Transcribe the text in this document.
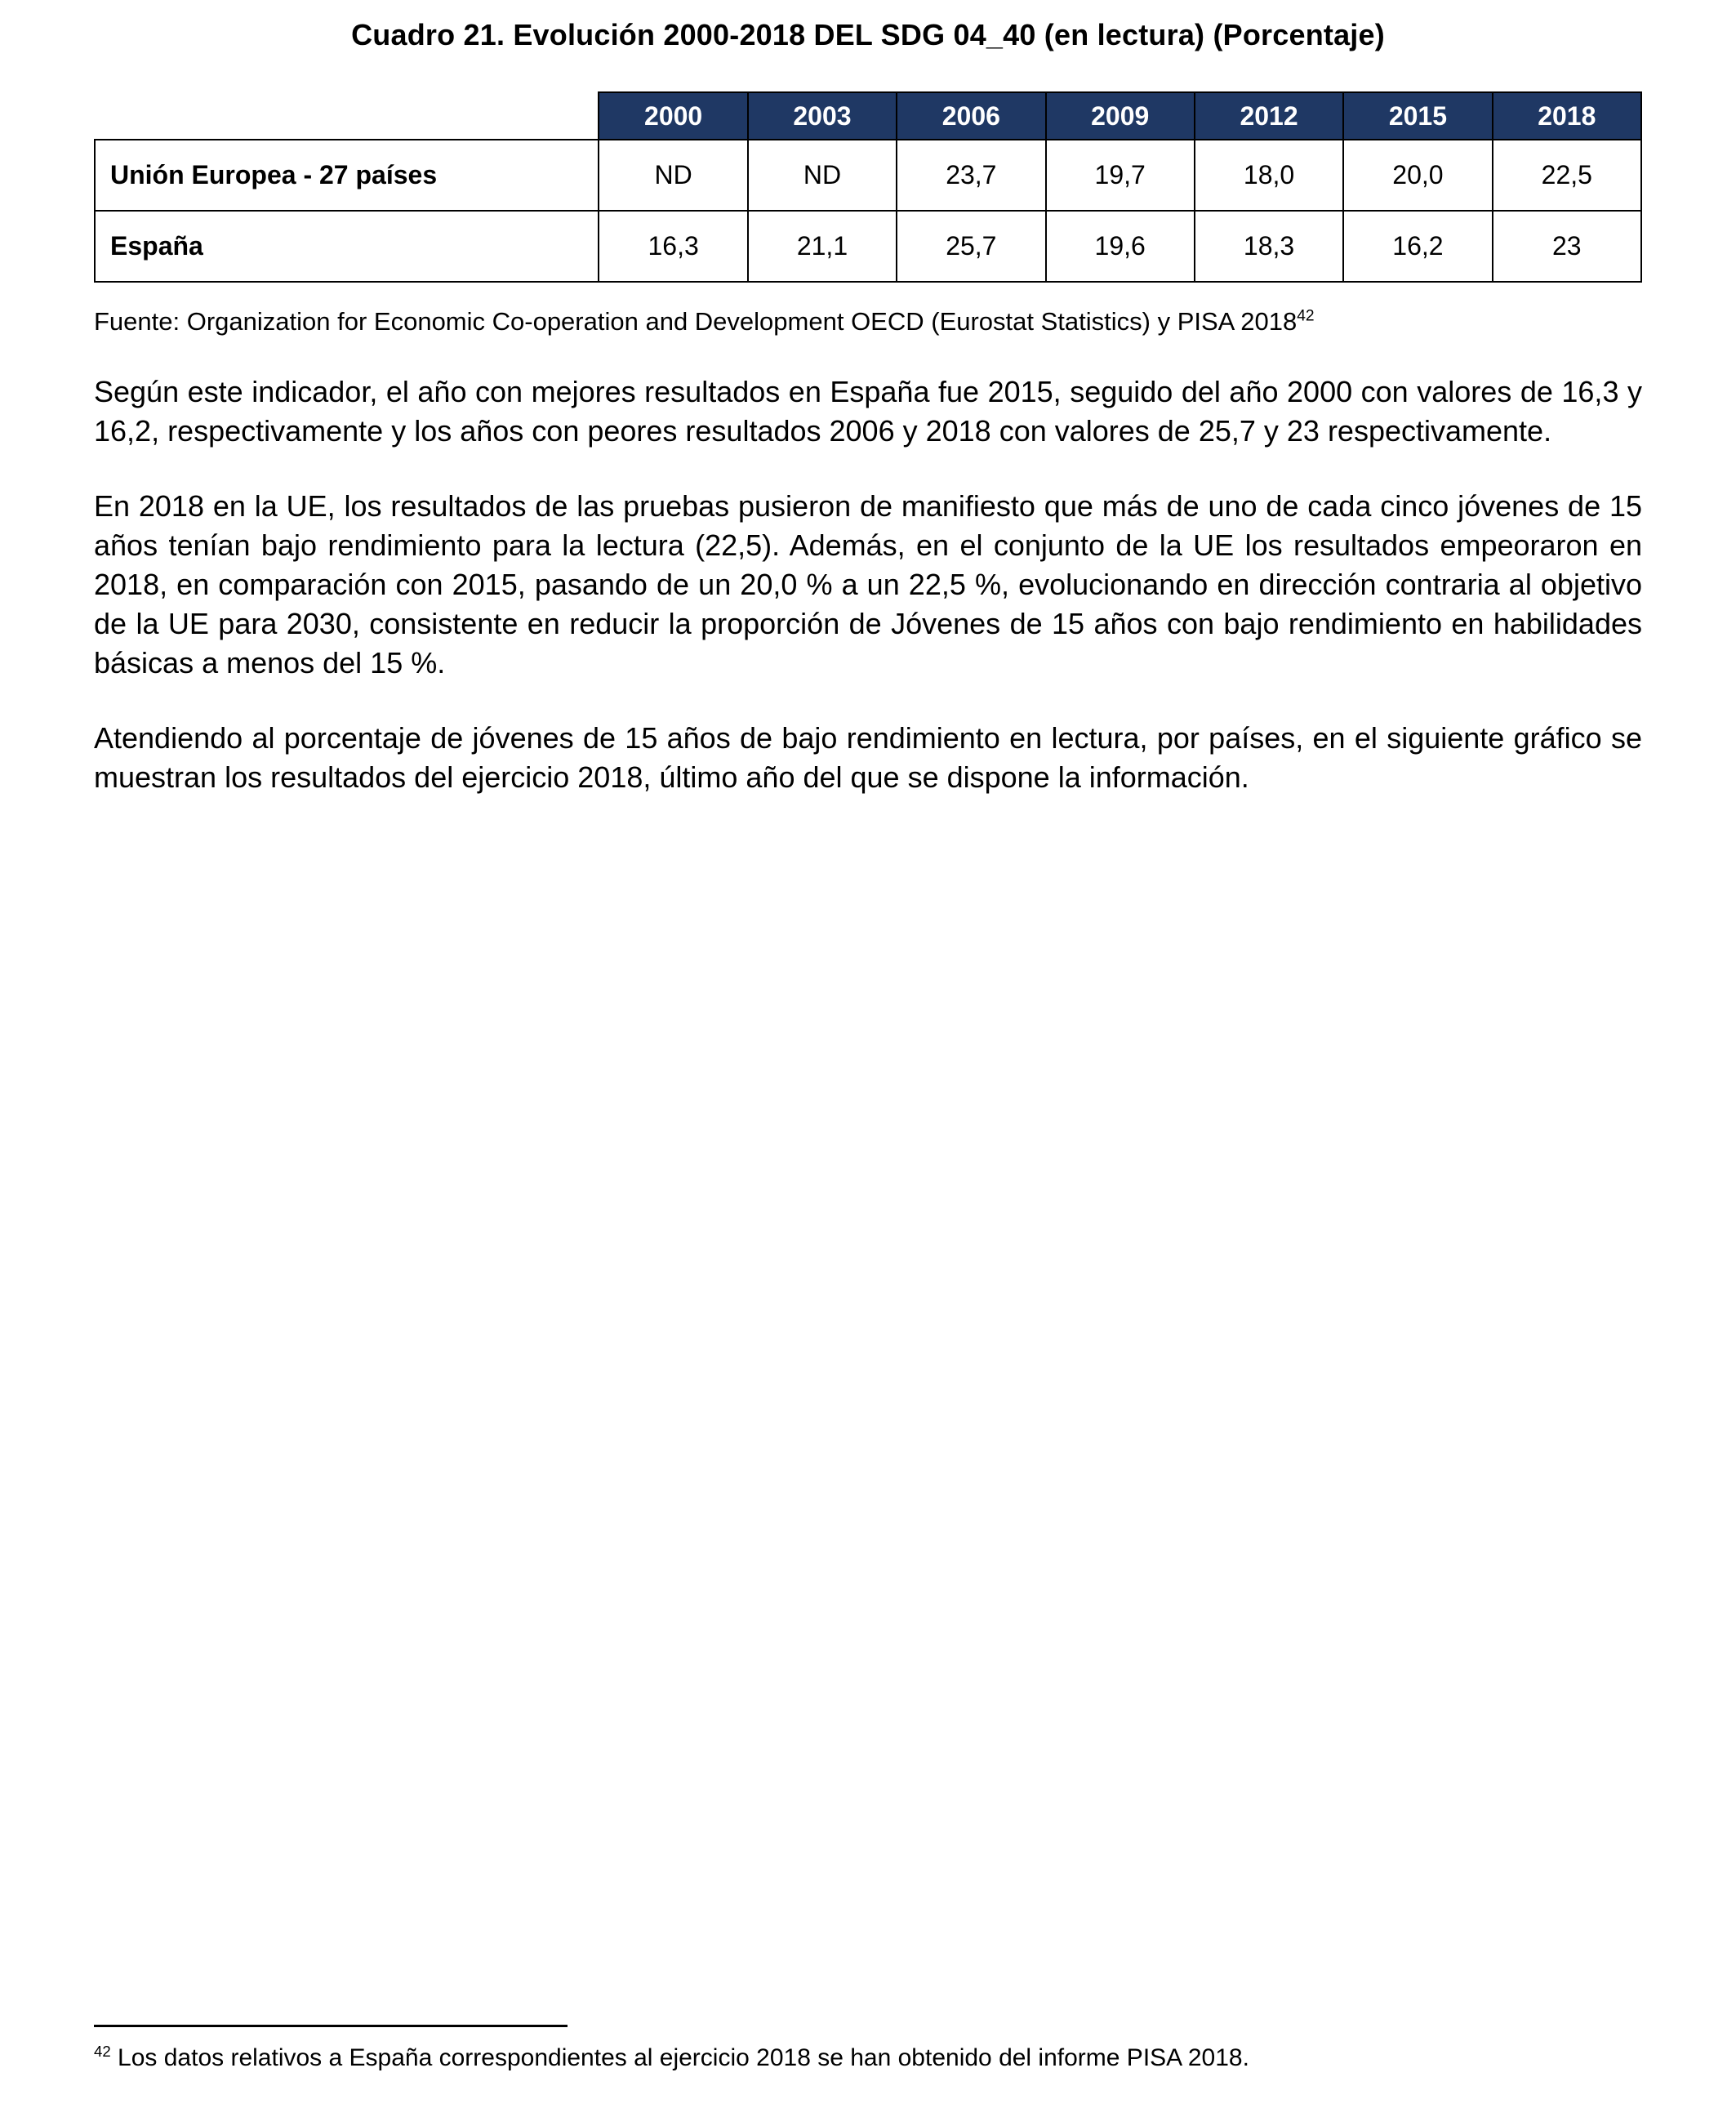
Cuadro 21. Evolución 2000-2018 DEL SDG 04_40 (en lectura) (Porcentaje)
	2000	2003	2006	2009	2012	2015	2018
Unión Europea - 27 países	ND	ND	23,7	19,7	18,0	20,0	22,5
España	16,3	21,1	25,7	19,6	18,3	16,2	23
Fuente: Organization for Economic Co-operation and Development OECD (Eurostat Statistics) y PISA 2018$^{42}$

Según este indicador, el año con mejores resultados en España fue 2015, seguido del año 2000 con valores de 16,3 y 16,2, respectivamente y los años con peores resultados 2006 y 2018 con valores de 25,7 y 23 respectivamente.

En 2018 en la UE, los resultados de las pruebas pusieron de manifiesto que más de uno de cada cinco jóvenes de 15 años tenían bajo rendimiento para la lectura (22,5). Además, en el conjunto de la UE los resultados empeoraron en 2018, en comparación con 2015, pasando de un 20,0 % a un 22,5 %, evolucionando en dirección contraria al objetivo de la UE para 2030, consistente en reducir la proporción de Jóvenes de 15 años con bajo rendimiento en habilidades básicas a menos del 15 %.

Atendiendo al porcentaje de jóvenes de 15 años de bajo rendimiento en lectura, por países, en el siguiente gráfico se muestran los resultados del ejercicio 2018, último año del que se dispone la información.

$^{42}$ Los datos relativos a España correspondientes al ejercicio 2018 se han obtenido del informe PISA 2018.
